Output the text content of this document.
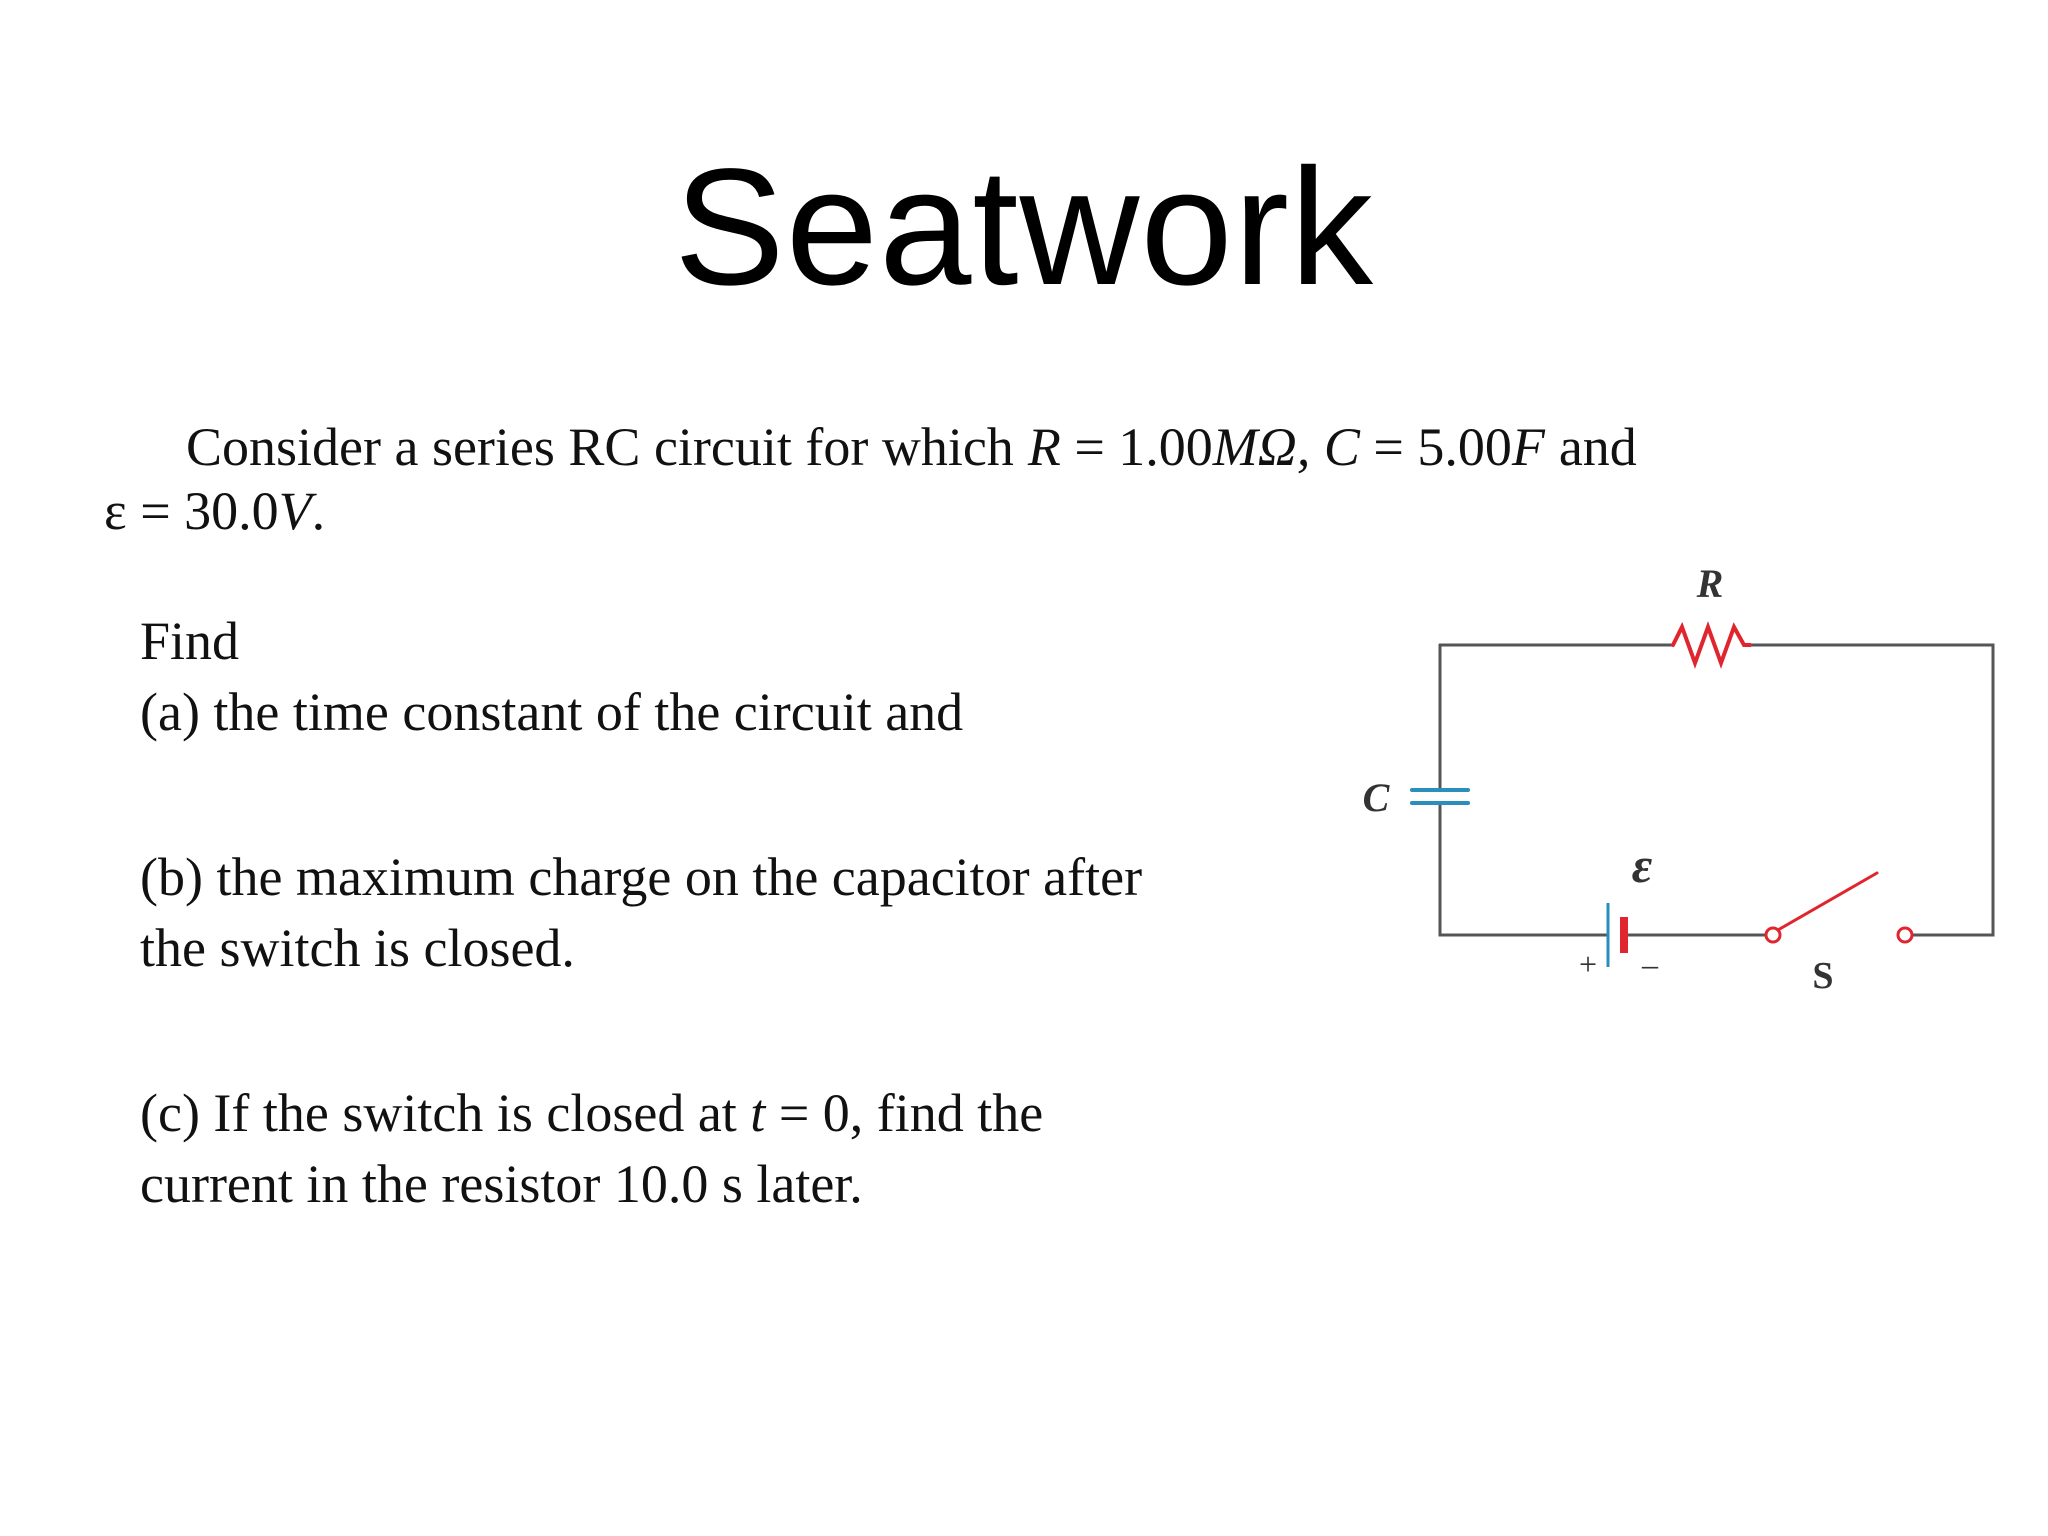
Seatwork
Consider a series RC circuit for which R = 1.00MΩ, C = 5.00F and
ε = 30.0V.
Find
(a) the time constant of the circuit and
(b) the maximum charge on the capacitor after
the switch is closed.
(c) If the switch is closed at t = 0, find the
current in the resistor 10.0 s later.
R
C
ε
+ –	S
